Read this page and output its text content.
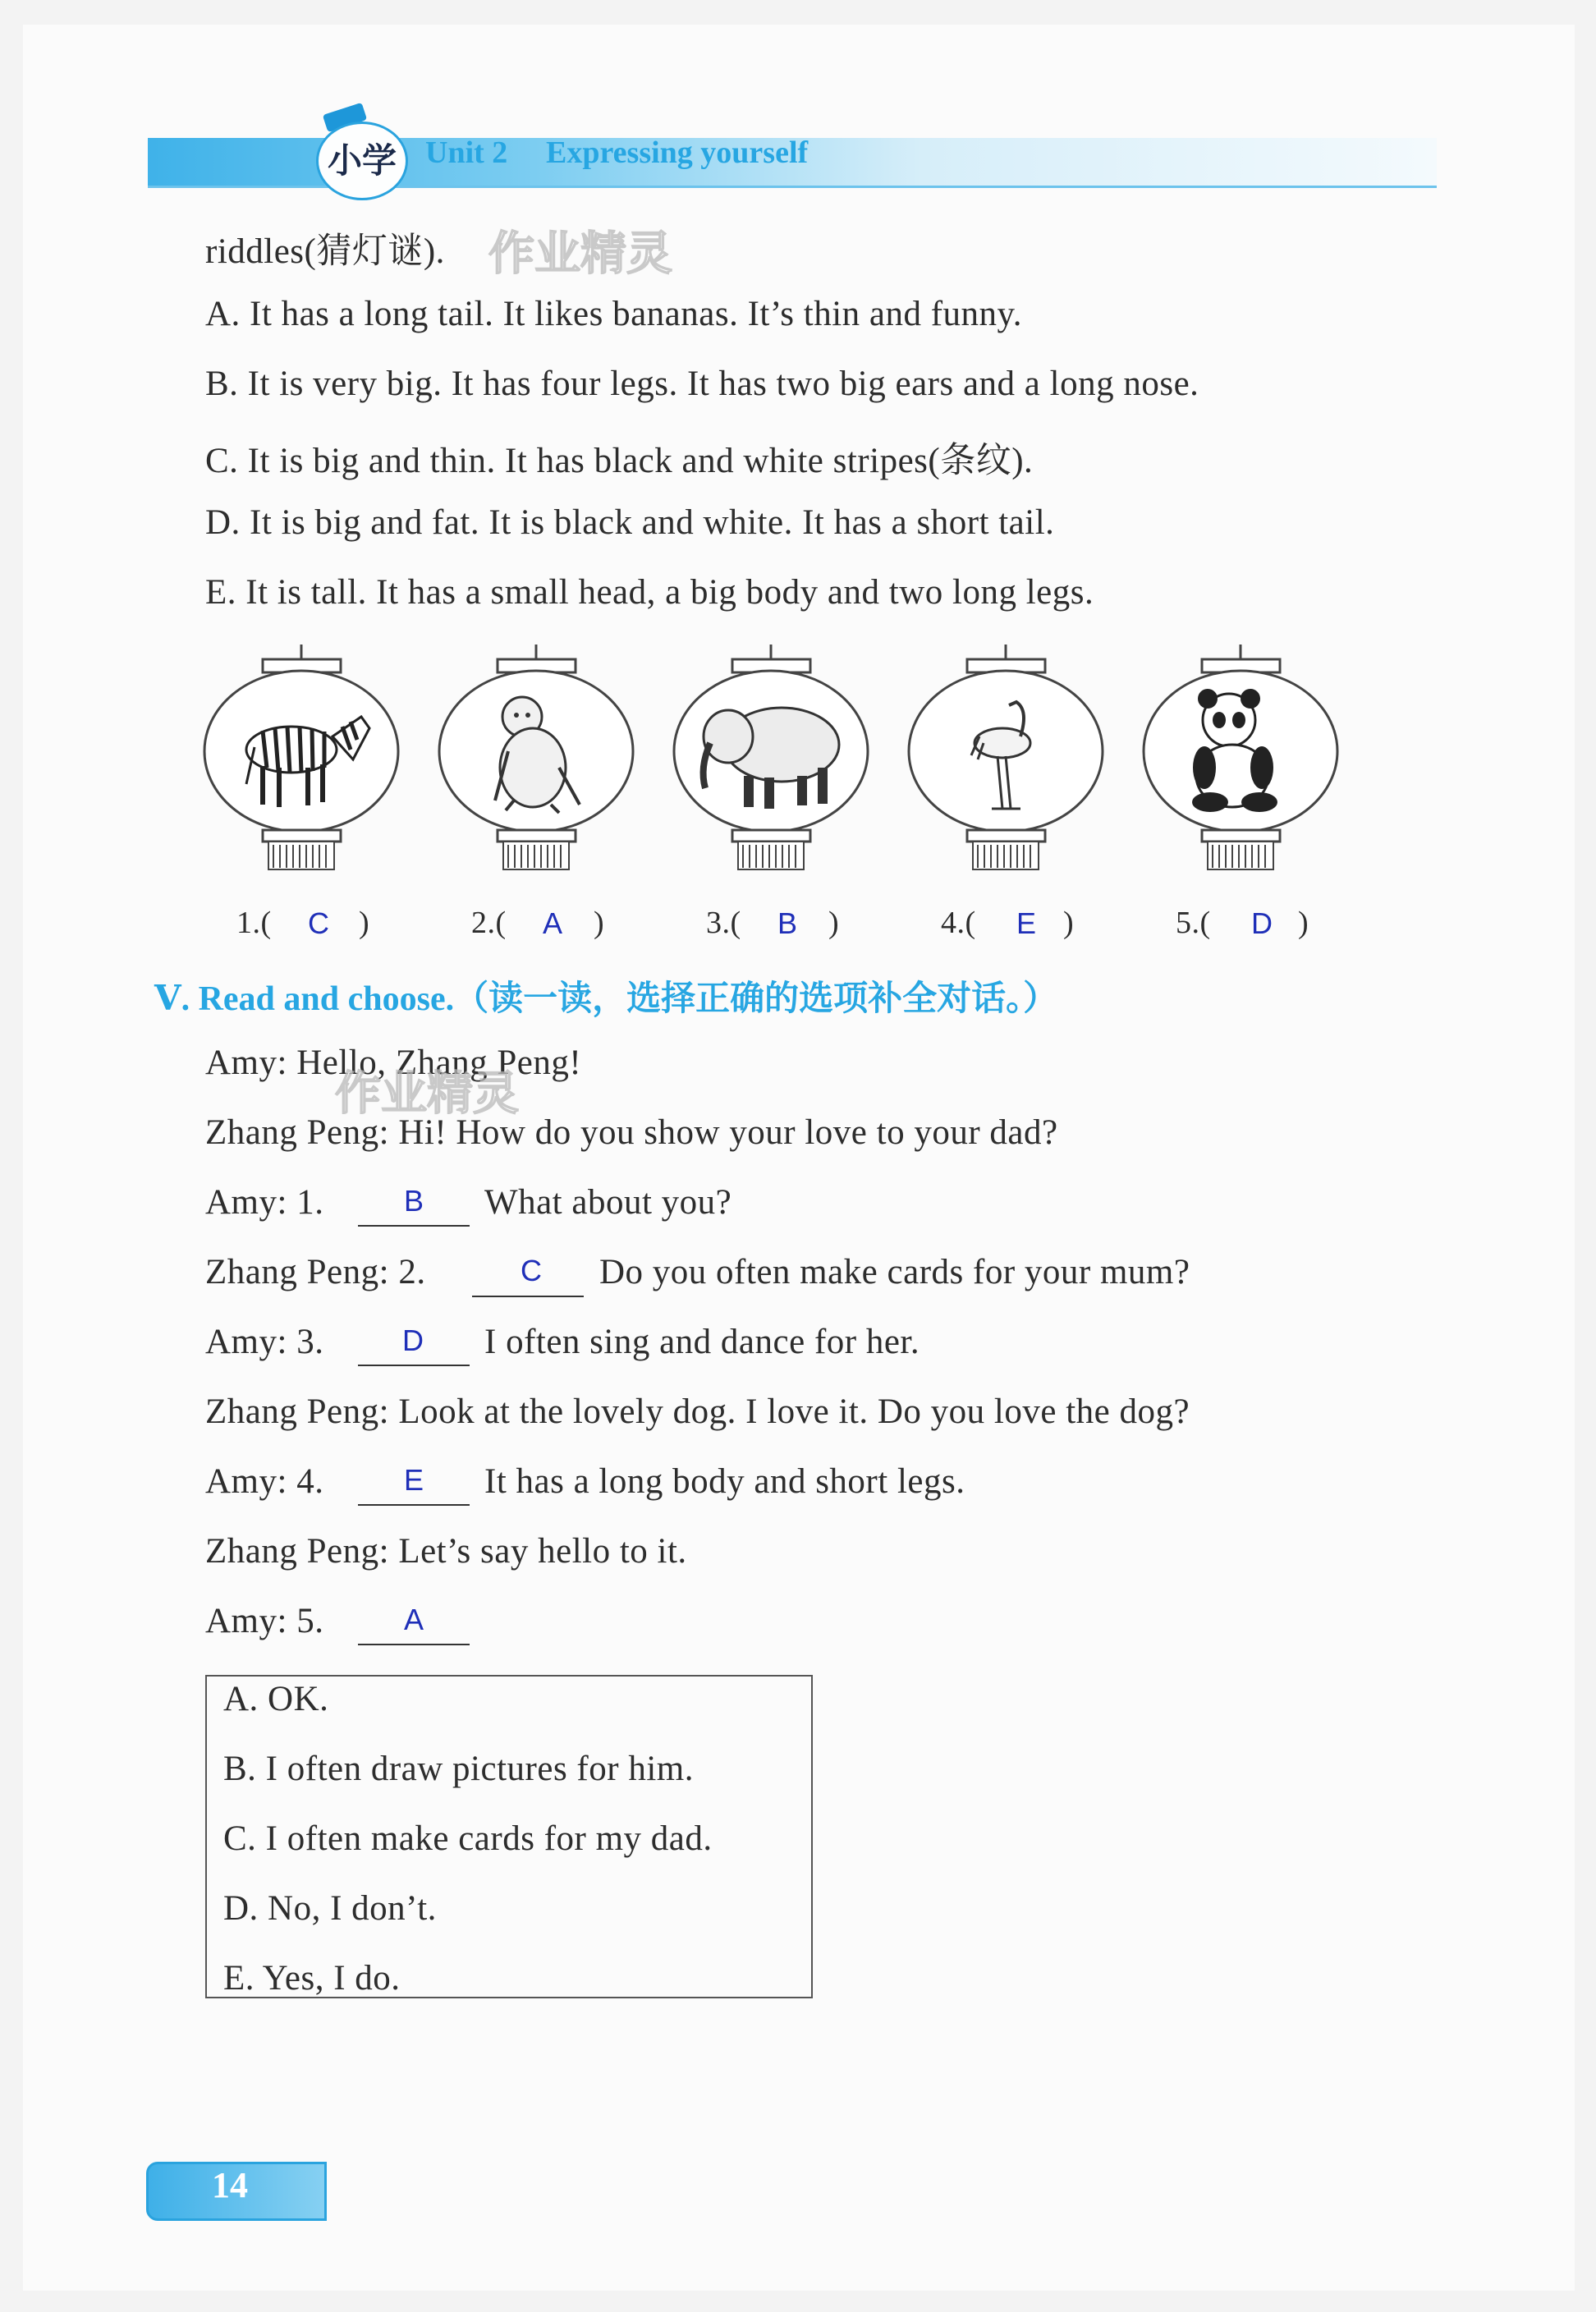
小学 Unit 2 Expressing yourself
riddles(猜灯谜). 作业精灵
A. It has a long tail. It likes bananas. It’s thin and funny.
B. It is very big. It has four legs. It has two big ears and a long nose.
C. It is big and thin. It has black and white stripes(条纹).
D. It is big and fat. It is black and white. It has a short tail.
E. It is tall. It has a small head, a big body and two long legs.
1.( C )	2.( A )	3.( B )	4.( E )	5.( D )
Ⅴ. Read and choose.（读一读，选择正确的选项补全对话。）
Amy: Hello, Zhang Peng!
作业精灵
Zhang Peng: Hi! How do you show your love to your dad?
Amy: 1.	B What about you?
Zhang Peng: 2.	C Do you often make cards for your mum?
Amy: 3.	D I often sing and dance for her.
Zhang Peng: Look at the lovely dog. I love it. Do you love the dog?
Amy: 4.	E It has a long body and short legs.
Zhang Peng: Let’s say hello to it.
Amy: 5.	A
A. OK.
B. I often draw pictures for him.
C. I often make cards for my dad.
D. No, I don’t.
E. Yes, I do.
14
